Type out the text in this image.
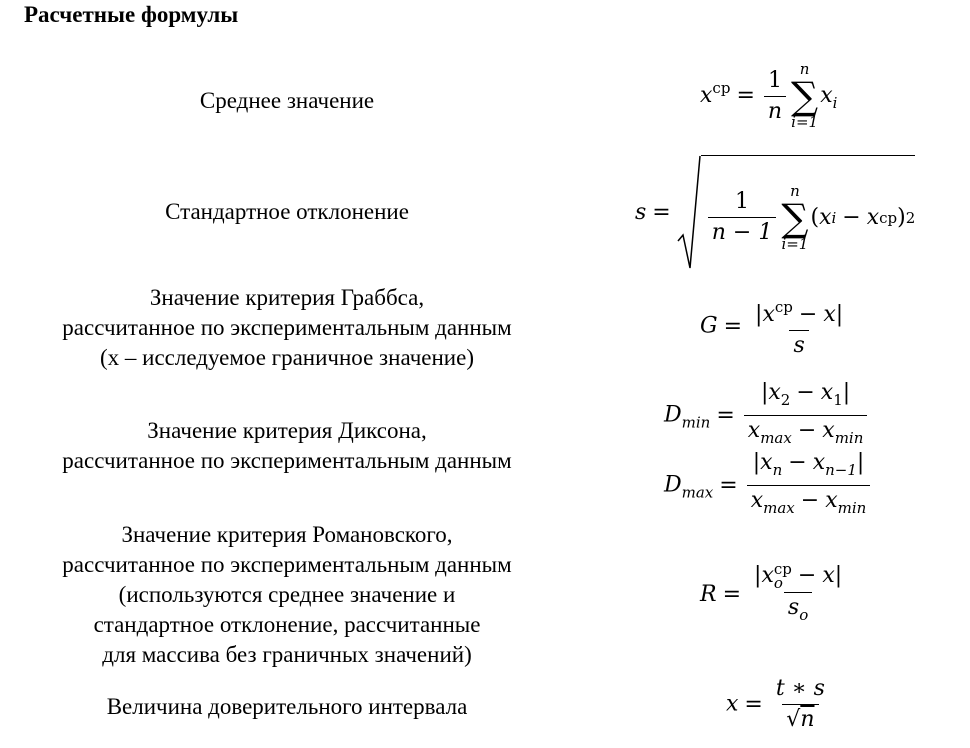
Расчетные формулы
Среднее значение
Стандартное отклонение
Значение критерия Граббса,
рассчитанное по экспериментальным данным
(x – исследуемое граничное значение)
Значение критерия Диксона,
рассчитанное по экспериментальным данным
Значение критерия Романовского,
рассчитанное по экспериментальным данным
(используются среднее значение и
стандартное отклонение, рассчитанные
для массива без граничных значений)
Величина доверительного интервала
$x^{ср} = \frac{1}{n}$ n
∑
i=1
$x_i$
$s = \frac{1}{n - 1}$ n
∑
i=1
( x i − x ср ) 2
$G = \frac{|x^{ср} - x|}{s}$
$D_{min} = \frac{|x_2 - x_1|}{x_{max} - x_{min}}$
$D_{max} = \frac{|x_n - x_{n-1}|}{x_{max} - x_{min}}$
R = |x ср
o − x|
$s_o$
$x = \frac{t ∗ s}{√n}$
